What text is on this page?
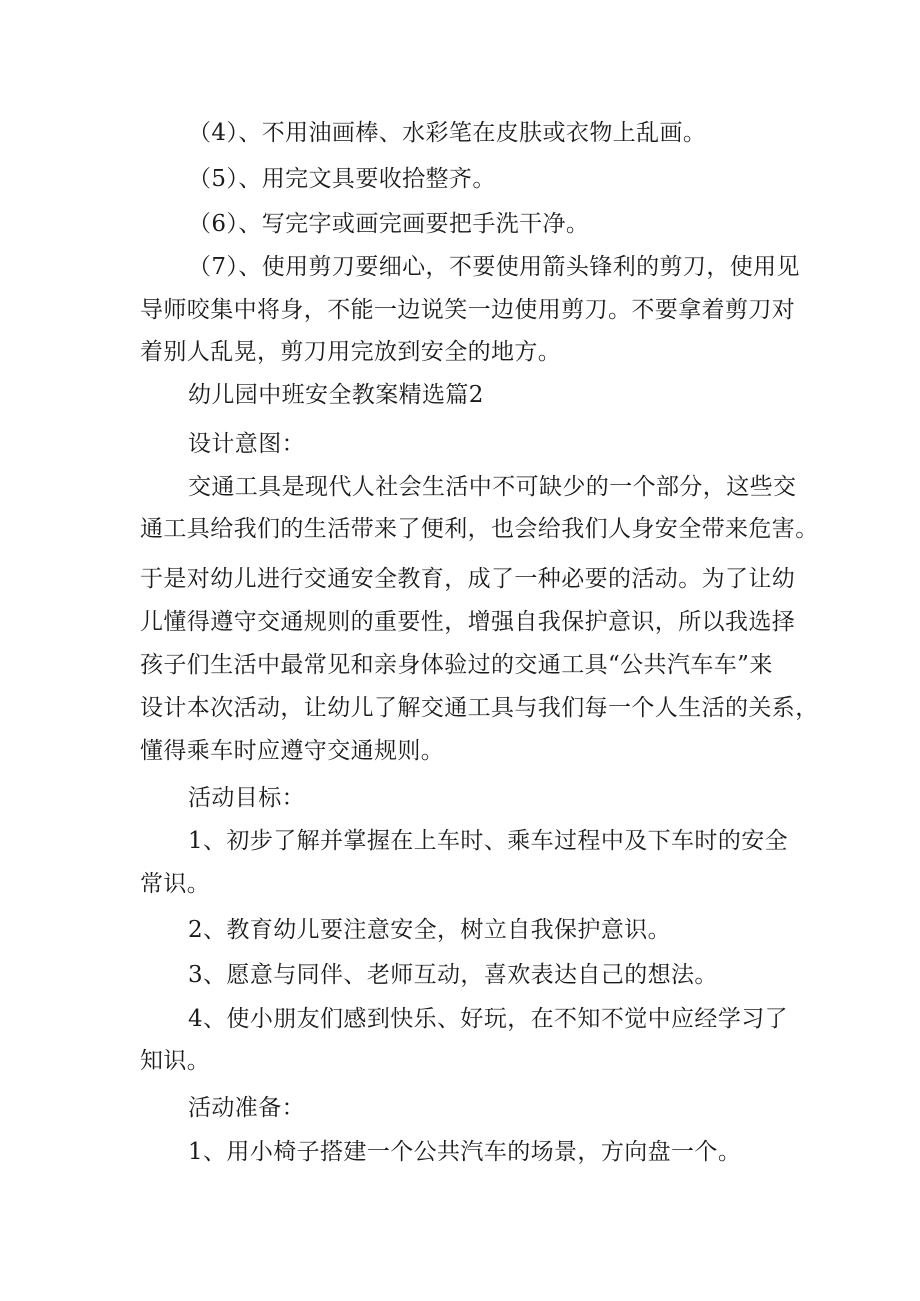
（4）、不用油画棒、水彩笔在皮肤或衣物上乱画。
（5）、用完文具要收拾整齐。
（6）、写完字或画完画要把手洗干净。
（7）、使用剪刀要细心，不要使用箭头锋利的剪刀，使用见
导师咬集中将身，不能一边说笑一边使用剪刀。不要拿着剪刀对
着别人乱晃，剪刀用完放到安全的地方。
幼儿园中班安全教案精选篇2
设计意图：
交通工具是现代人社会生活中不可缺少的一个部分，这些交
通工具给我们的生活带来了便利，也会给我们人身安全带来危害。
于是对幼儿进行交通安全教育，成了一种必要的活动。为了让幼
儿懂得遵守交通规则的重要性，增强自我保护意识，所以我选择
孩子们生活中最常见和亲身体验过的交通工具“公共汽车车”来
设计本次活动，让幼儿了解交通工具与我们每一个人生活的关系，
懂得乘车时应遵守交通规则。
活动目标：
1、初步了解并掌握在上车时、乘车过程中及下车时的安全
常识。
2、教育幼儿要注意安全，树立自我保护意识。
3、愿意与同伴、老师互动，喜欢表达自己的想法。
4、使小朋友们感到快乐、好玩，在不知不觉中应经学习了
知识。
活动准备：
1、用小椅子搭建一个公共汽车的场景，方向盘一个。
